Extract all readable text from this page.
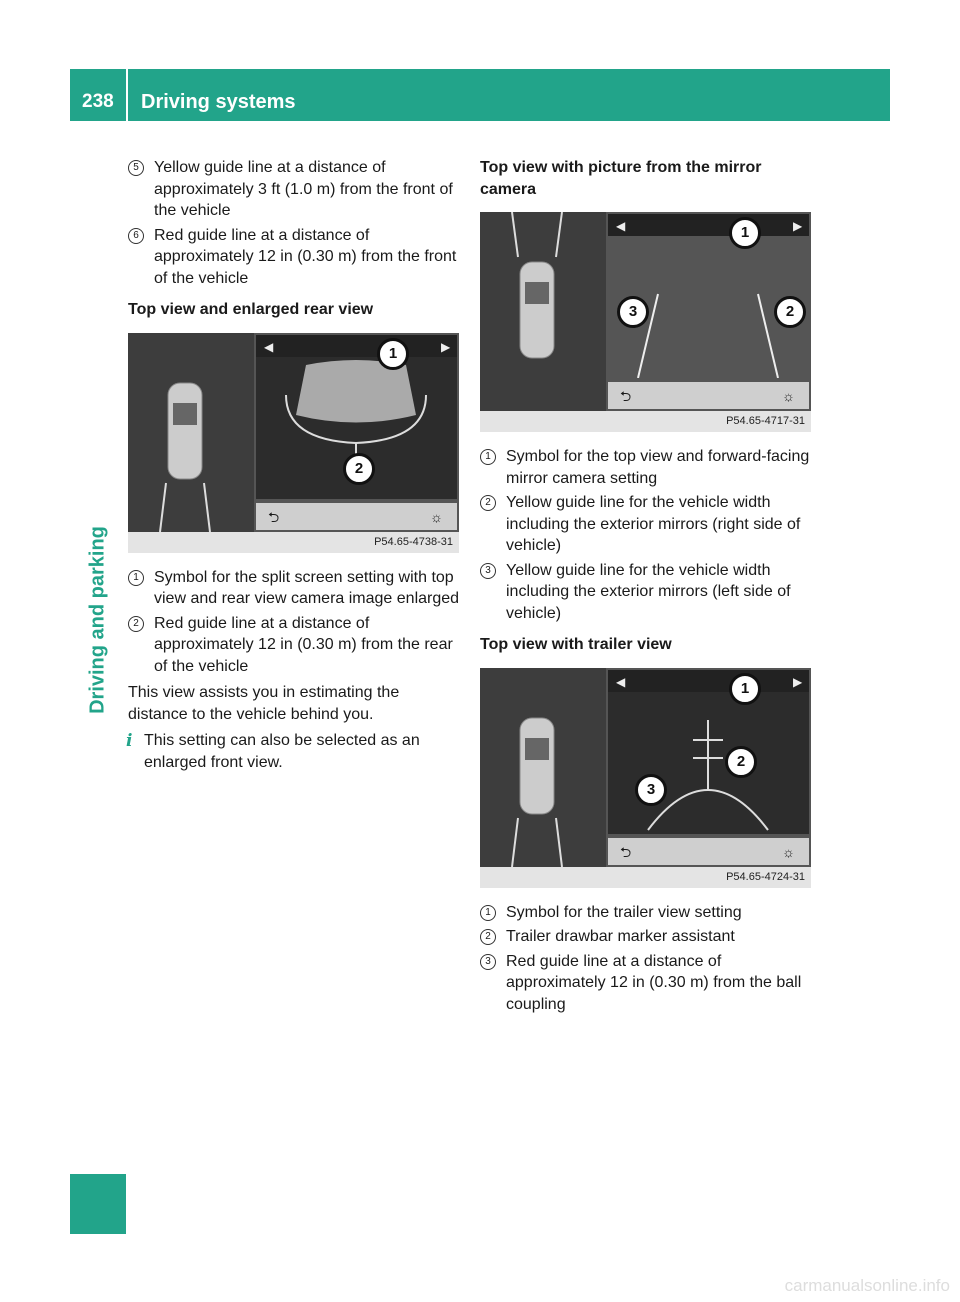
238 Driving systems
Driving and parking
5 Yellow guide line at a distance of approximately 3 ft (1.0 m) from the front of the vehicle
6 Red guide line at a distance of approximately 12 in (0.30 m) from the front of the vehicle
Top view and enlarged rear view
◀	▶
1
2
⮌	☼
P54.65-4738-31
1 Symbol for the split screen setting with top view and rear view camera image enlarged
2 Red guide line at a distance of approximately 12 in (0.30 m) from the rear of the vehicle

This view assists you in estimating the distance to the vehicle behind you.

i This setting can also be selected as an enlarged front view.
Top view with picture from the mirror camera
◀	▶
1
2
3
⮌	☼
P54.65-4717-31
1 Symbol for the top view and forward-facing mirror camera setting
2 Yellow guide line for the vehicle width including the exterior mirrors (right side of vehicle)
3 Yellow guide line for the vehicle width including the exterior mirrors (left side of vehicle)
Top view with trailer view
◀	▶
1
2
3
⮌	☼
P54.65-4724-31
1 Symbol for the trailer view setting
2 Trailer drawbar marker assistant
3 Red guide line at a distance of approximately 12 in (0.30 m) from the ball coupling
carmanualsonline.info
